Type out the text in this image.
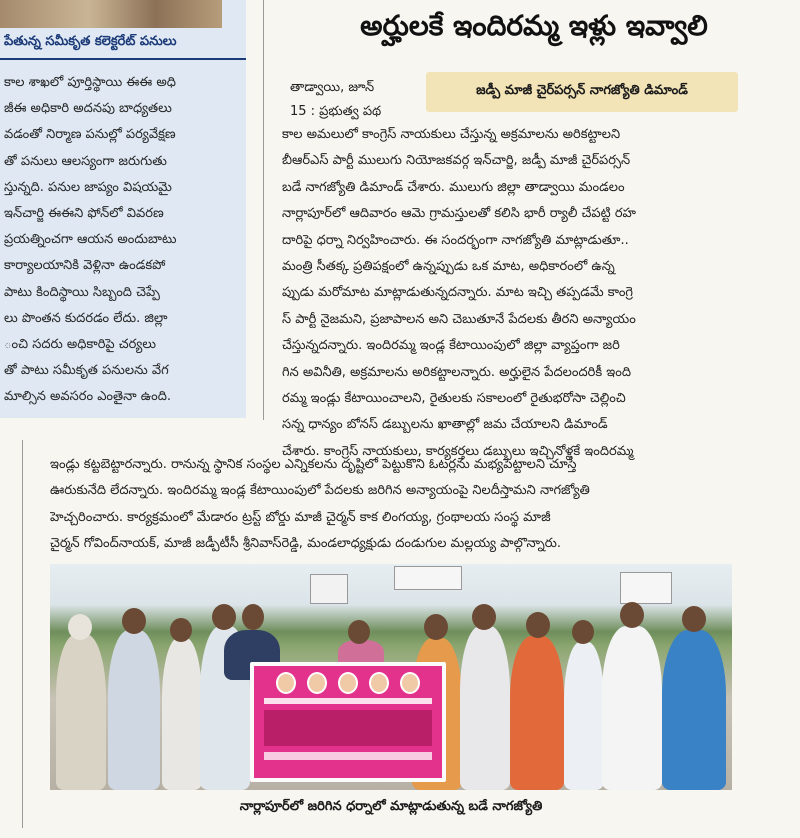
పేతున్న సమీకృత కలెక్టరేట్ పనులు
కాల శాఖలో పూర్తిస్థాయి ఈఈ అధి
జీఈ అధికారి అదనపు బాధ్యతలు
వడంతో నిర్మాణ పనుల్లో పర్యవేక్షణ
తో పనులు ఆలస్యంగా జరుగుతు
స్తున్నది. పనుల జాప్యం విషయమై
ఇన్‌చార్జి ఈఈని ఫోన్‌లో వివరణ
ప్రయత్నించగా ఆయన అందుబాటు
కార్యాలయానికి వెళ్లినా ఉండకపో
పాటు కిందిస్థాయి సిబ్బంది చెప్పే
లు పొంతన కుదరడం లేదు. జిల్లా
ంచి సదరు అధికారిపై చర్యలు
తో పాటు సమీకృత పనులను వేగ
మాల్సిన అవసరం ఎంతైనా ఉంది.
అర్హులకే ఇందిరమ్మ ఇళ్లు ఇవ్వాలి
తాడ్వాయి, జూన్
15 : ప్రభుత్వ పథ
జడ్పీ మాజీ చైర్‌పర్సన్ నాగజ్యోతి డిమాండ్
కాల అమలులో కాంగ్రెస్ నాయకులు చేస్తున్న అక్రమాలను అరికట్టాలని
బీఆర్‌ఎస్ పార్టీ ములుగు నియోజకవర్గ ఇన్‌చార్జి, జడ్పీ మాజీ చైర్‌పర్సన్
బడే నాగజ్యోతి డిమాండ్ చేశారు. ములుగు జిల్లా తాడ్వాయి మండలం
నార్లాపూర్‌లో ఆదివారం ఆమె గ్రామస్తులతో కలిసి భారీ ర్యాలీ చేపట్టి రహ
దారిపై ధర్నా నిర్వహించారు. ఈ సందర్భంగా నాగజ్యోతి మాట్లాడుతూ..
మంత్రి సీతక్క ప్రతిపక్షంలో ఉన్నప్పుడు ఒక మాట, అధికారంలో ఉన్న
ప్పుడు మరోమాట మాట్లాడుతున్నదన్నారు. మాట ఇచ్చి తప్పడమే కాంగ్రె
స్ పార్టీ నైజమని, ప్రజాపాలన అని చెబుతూనే పేదలకు తీరని అన్యాయం
చేస్తున్నదన్నారు. ఇందిరమ్మ ఇండ్ల కేటాయింపులో జిల్లా వ్యాప్తంగా జరి
గిన అవినీతి, అక్రమాలను అరికట్టాలన్నారు. అర్హులైన పేదలందరికీ ఇంది
రమ్మ ఇండ్లు కేటాయించాలని, రైతులకు సకాలంలో రైతుభరోసా చెల్లించి
సన్న ధాన్యం బోనస్ డబ్బులను ఖాతాల్లో జమ చేయాలని డిమాండ్
చేశారు. కాంగ్రెస్ నాయకులు, కార్యకర్తలు డబ్బులు ఇచ్చినోళ్లకే ఇందిరమ్మ
ఇండ్లు కట్టబెట్టారన్నారు. రానున్న స్థానిక సంస్థల ఎన్నికలను దృష్టిలో పెట్టుకొని ఓటర్లను మభ్యపెట్టాలని చూస్తే
ఊరుకునేది లేదన్నారు. ఇందిరమ్మ ఇండ్ల కేటాయింపులో పేదలకు జరిగిన అన్యాయంపై నిలదీస్తామని నాగజ్యోతి
హెచ్చరించారు. కార్యక్రమంలో మేడారం ట్రస్ట్ బోర్డు మాజీ చైర్మన్ కాక లింగయ్య, గ్రంథాలయ సంస్థ మాజీ
చైర్మన్ గోవింద్‌నాయక్, మాజీ జడ్పీటీసీ శ్రీనివాస్‌రెడ్డి, మండలాధ్యక్షుడు దండుగుల మల్లయ్య పాల్గొన్నారు.
నార్లాపూర్‌లో జరిగిన ధర్నాలో మాట్లాడుతున్న బడే నాగజ్యోతి
